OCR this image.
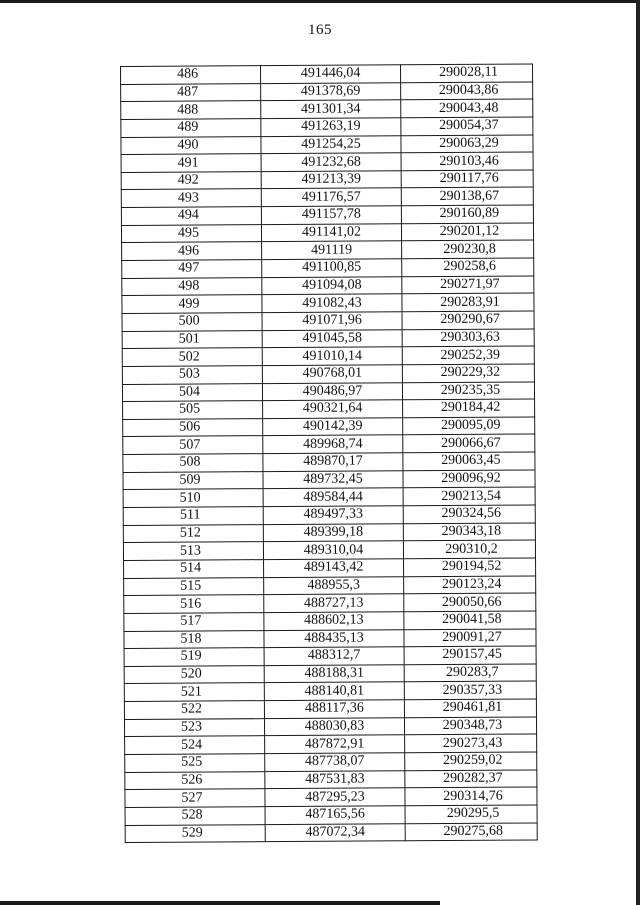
165
486	491446,04	290028,11
487	491378,69	290043,86
488	491301,34	290043,48
489	491263,19	290054,37
490	491254,25	290063,29
491	491232,68	290103,46
492	491213,39	290117,76
493	491176,57	290138,67
494	491157,78	290160,89
495	491141,02	290201,12
496	491119	290230,8
497	491100,85	290258,6
498	491094,08	290271,97
499	491082,43	290283,91
500	491071,96	290290,67
501	491045,58	290303,63
502	491010,14	290252,39
503	490768,01	290229,32
504	490486,97	290235,35
505	490321,64	290184,42
506	490142,39	290095,09
507	489968,74	290066,67
508	489870,17	290063,45
509	489732,45	290096,92
510	489584,44	290213,54
511	489497,33	290324,56
512	489399,18	290343,18
513	489310,04	290310,2
514	489143,42	290194,52
515	488955,3	290123,24
516	488727,13	290050,66
517	488602,13	290041,58
518	488435,13	290091,27
519	488312,7	290157,45
520	488188,31	290283,7
521	488140,81	290357,33
522	488117,36	290461,81
523	488030,83	290348,73
524	487872,91	290273,43
525	487738,07	290259,02
526	487531,83	290282,37
527	487295,23	290314,76
528	487165,56	290295,5
529	487072,34	290275,68
